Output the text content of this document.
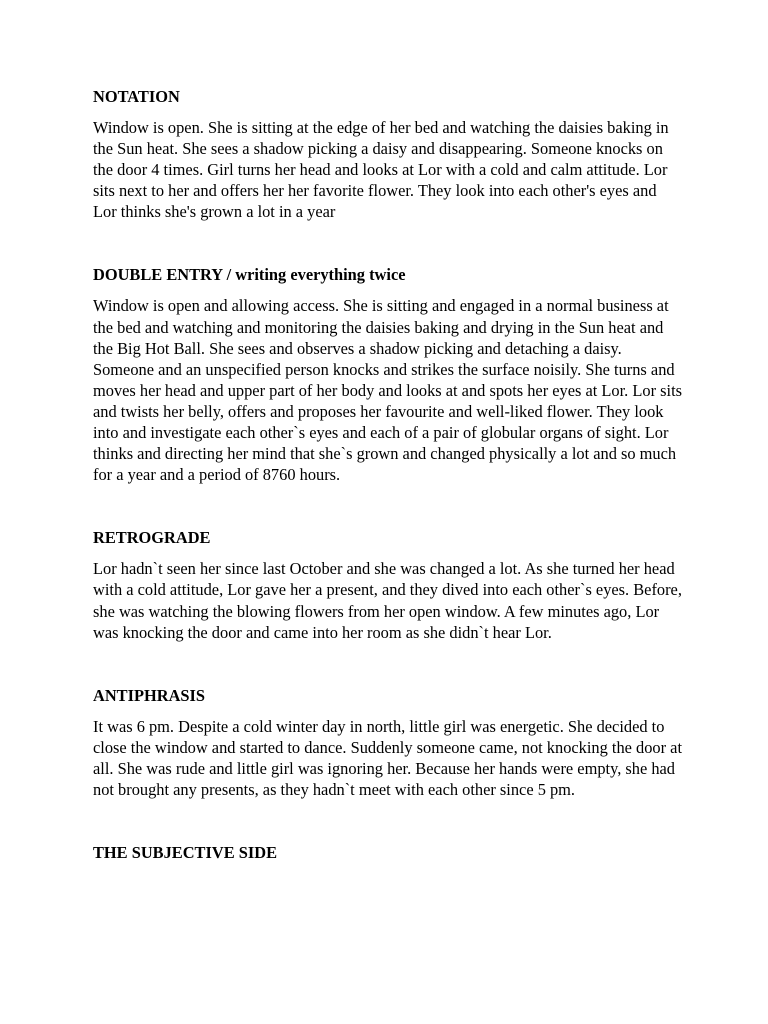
NOTATION

Window is open. She is sitting at the edge of her bed and watching the daisies baking in the Sun heat. She sees a shadow picking a daisy and disappearing. Someone knocks on the door 4 times. Girl turns her head and looks at Lor with a cold and calm attitude. Lor sits next to her and offers her her favorite flower. They look into each other's eyes and Lor thinks she's grown a lot in a year

DOUBLE ENTRY / writing everything twice

Window is open and allowing access. She is sitting and engaged in a normal business at the bed and watching and monitoring the daisies baking and drying in the Sun heat and the Big Hot Ball. She sees and observes a shadow picking and detaching a daisy. Someone and an unspecified person knocks and strikes the surface noisily. She turns and moves her head and upper part of her body and looks at and spots her eyes at Lor. Lor sits and twists her belly, offers and proposes her favourite and well-liked flower. They look into and investigate each other`s eyes and each of a pair of globular organs of sight. Lor thinks and directing her mind that she`s grown and changed physically a lot and so much for a year and a period of 8760 hours.

RETROGRADE

Lor hadn`t seen her since last October and she was changed a lot. As she turned her head with a cold attitude, Lor gave her a present, and they dived into each other`s eyes. Before, she was watching the blowing flowers from her open window. A few minutes ago, Lor was knocking the door and came into her room as she didn`t hear Lor.

ANTIPHRASIS

It was 6 pm. Despite a cold winter day in north, little girl was energetic. She decided to close the window and started to dance. Suddenly someone came, not knocking the door at all. She was rude and little girl was ignoring her. Because her hands were empty, she had not brought any presents, as they hadn`t meet with each other since 5 pm.

THE SUBJECTIVE SIDE
